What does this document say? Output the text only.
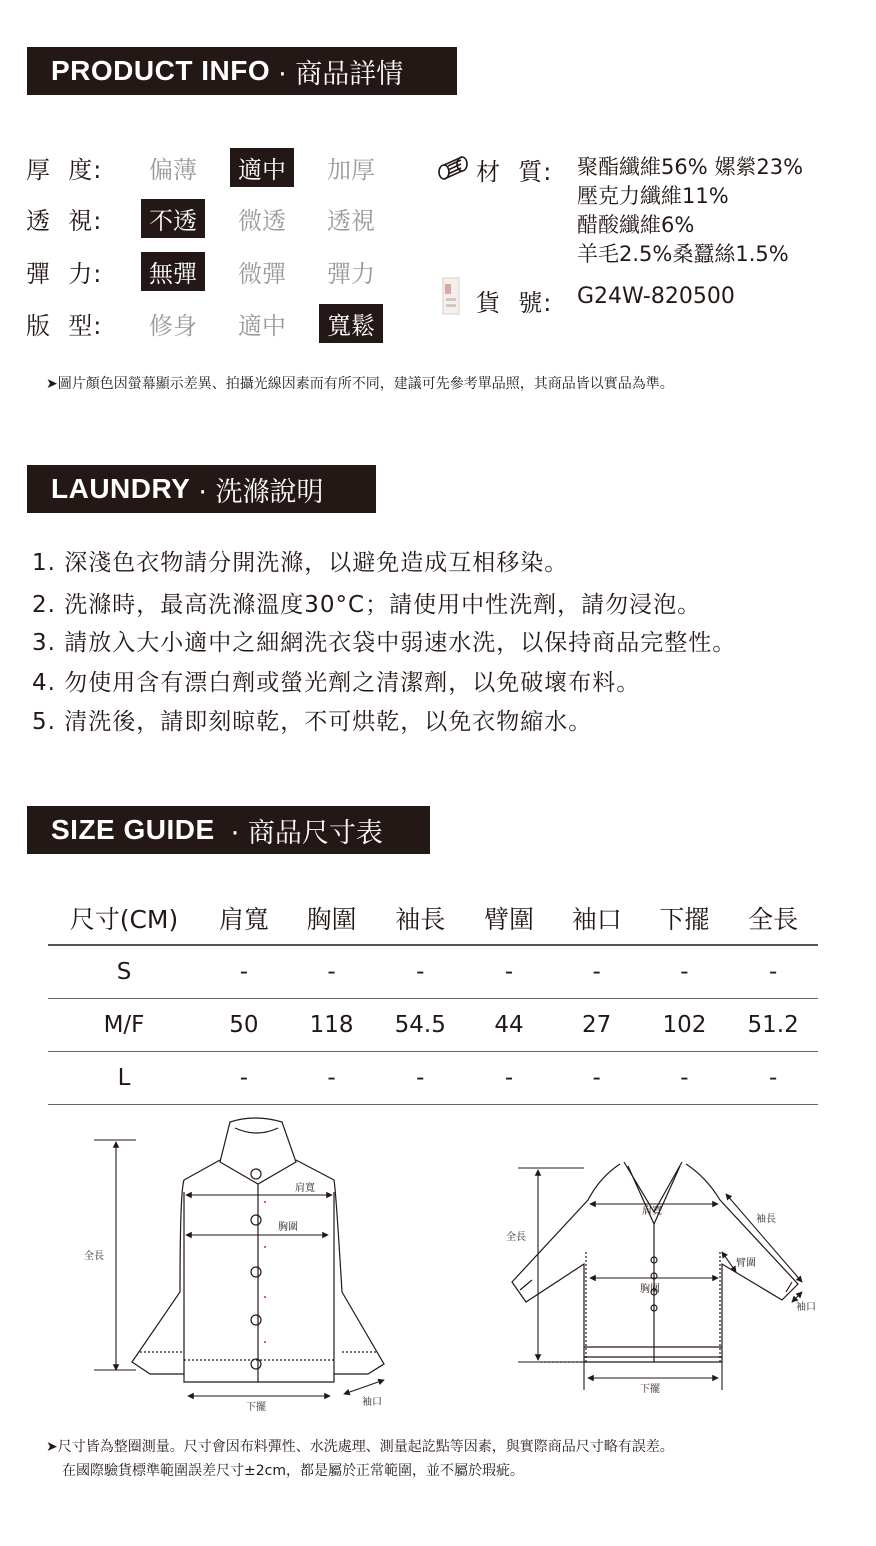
PRODUCT INFO · 商品詳情
厚  度:	偏薄	適中	加厚
透  視:	不透	微透	透視
彈  力:	無彈	微彈	彈力
版  型:	修身	適中	寬鬆
材  質: 聚酯纖維56% 嫘縈23%
壓克力纖維11%
醋酸纖維6%
羊毛2.5%桑蠶絲1.5%
貨  號: G24W-820500
➤圖片顏色因螢幕顯示差異、拍攝光線因素而有所不同，建議可先參考單品照，其商品皆以實品為準。
LAUNDRY · 洗滌說明
1. 深淺色衣物請分開洗滌，以避免造成互相移染。
2. 洗滌時，最高洗滌溫度30°C；請使用中性洗劑，請勿浸泡。
3. 請放入大小適中之細網洗衣袋中弱速水洗，以保持商品完整性。
4. 勿使用含有漂白劑或螢光劑之清潔劑，以免破壞布料。
5. 清洗後，請即刻晾乾，不可烘乾，以免衣物縮水。
SIZE GUIDE · 商品尺寸表
尺寸(CM)	肩寬	胸圍	袖長	臂圍	袖口	下擺	全長
S	-	-	-	-	-	-	-
M/F	50	118	54.5	44	27	102	51.2
L	-	-	-	-	-	-	-
肩寬
胸圍
全長
下擺	袖口
肩寬
袖長
臂圍
全長
胸圍
袖口
下擺
➤尺寸皆為整圈測量。尺寸會因布料彈性、水洗處理、測量起訖點等因素，與實際商品尺寸略有誤差。
在國際驗貨標準範圍誤差尺寸±2cm，都是屬於正常範圍，並不屬於瑕疵。
